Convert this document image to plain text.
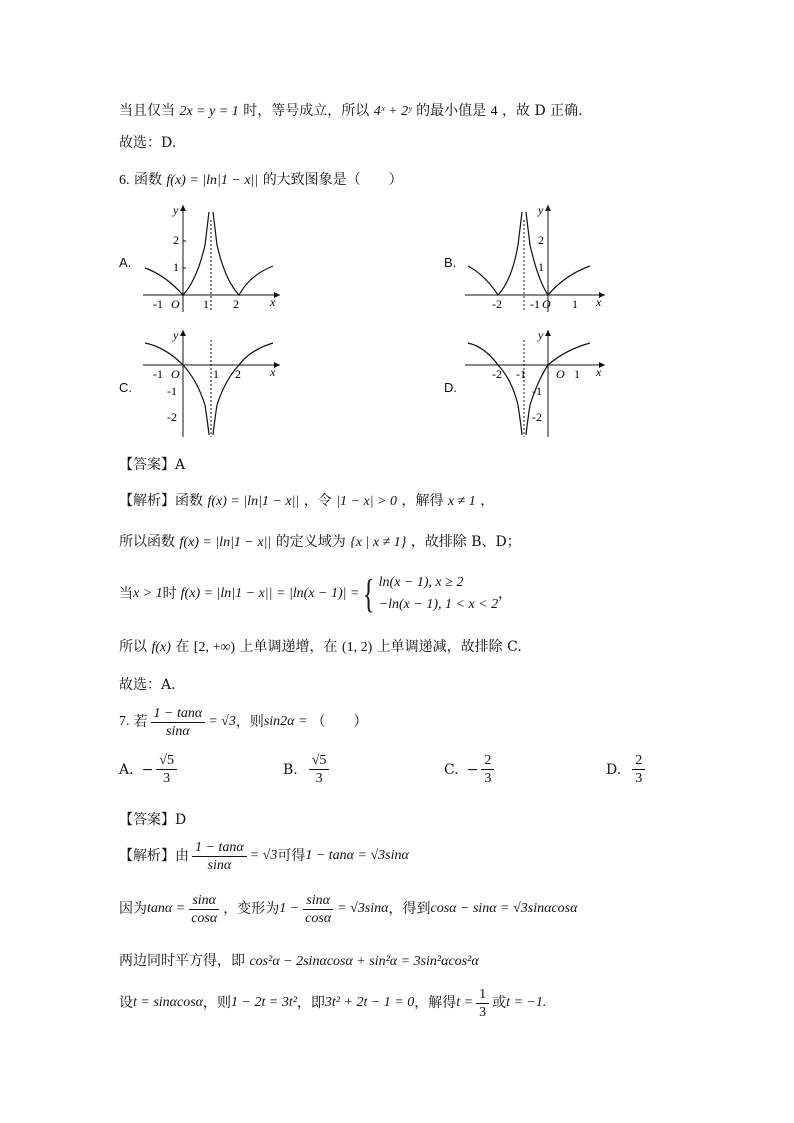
当且仅当 2x = y = 1 时，等号成立，所以 4ˣ + 2ʸ 的最小值是 4 ，故 D 正确.
故选：D.
6. 函数 f(x) = |ln|1 − x|| 的大致图象是（　　）
A.
y
x
O
-1	1 2
1
2
B.
y
x
-2 -1 O 1
1
2
C.
y
x
O
-1	1 2
-1
-2
D.
y
x
-2 -1	O 1
-1
-2
【答案】A
【解析】函数 f(x) = |ln|1 − x|| ，令 |1 − x| > 0 ，解得 x ≠ 1 ，
所以函数 f(x) = |ln|1 − x|| 的定义域为 {x | x ≠ 1} ，故排除 B、D；
当 x > 1 时 f(x) = |ln|1 − x|| = |ln(x − 1)| = { ln(x − 1), x ≥ 2
−ln(x − 1), 1 < x < 2
，
所以 f(x) 在 [2, +∞) 上单调递增，在 (1, 2) 上单调递减，故排除 C.
故选：A.
7. 若 $\frac{1 - \tan\alpha}{\sin\alpha} = √3$ ，则 sin2α = （　　）
A. − $\frac{√5}{3}$	B. $\frac{√5}{3}$	C. − $\frac{2}{3}$	D. $\frac{2}{3}$
【答案】D
【解析】由 $\frac{1 - \tan\alpha}{\sin\alpha} = √3$ 可得 1 − tanα = √3sinα
因为 $\tan\alpha = \frac{\sin\alpha}{\cos\alpha}$ ，变形为 $1 - \frac{\sin\alpha}{\cos\alpha} = √3\sin\alpha$ ，得到 cosα − sinα = √3sinαcosα
两边同时平方得，即 cos²α − 2sinαcosα + sin²α = 3sin²αcos²α
设 t = sinαcosα ，则 1 − 2t = 3t² ，即 3t² + 2t − 1 = 0 ，解得 $t = \frac{1}{3}$ 或 t = −1.
